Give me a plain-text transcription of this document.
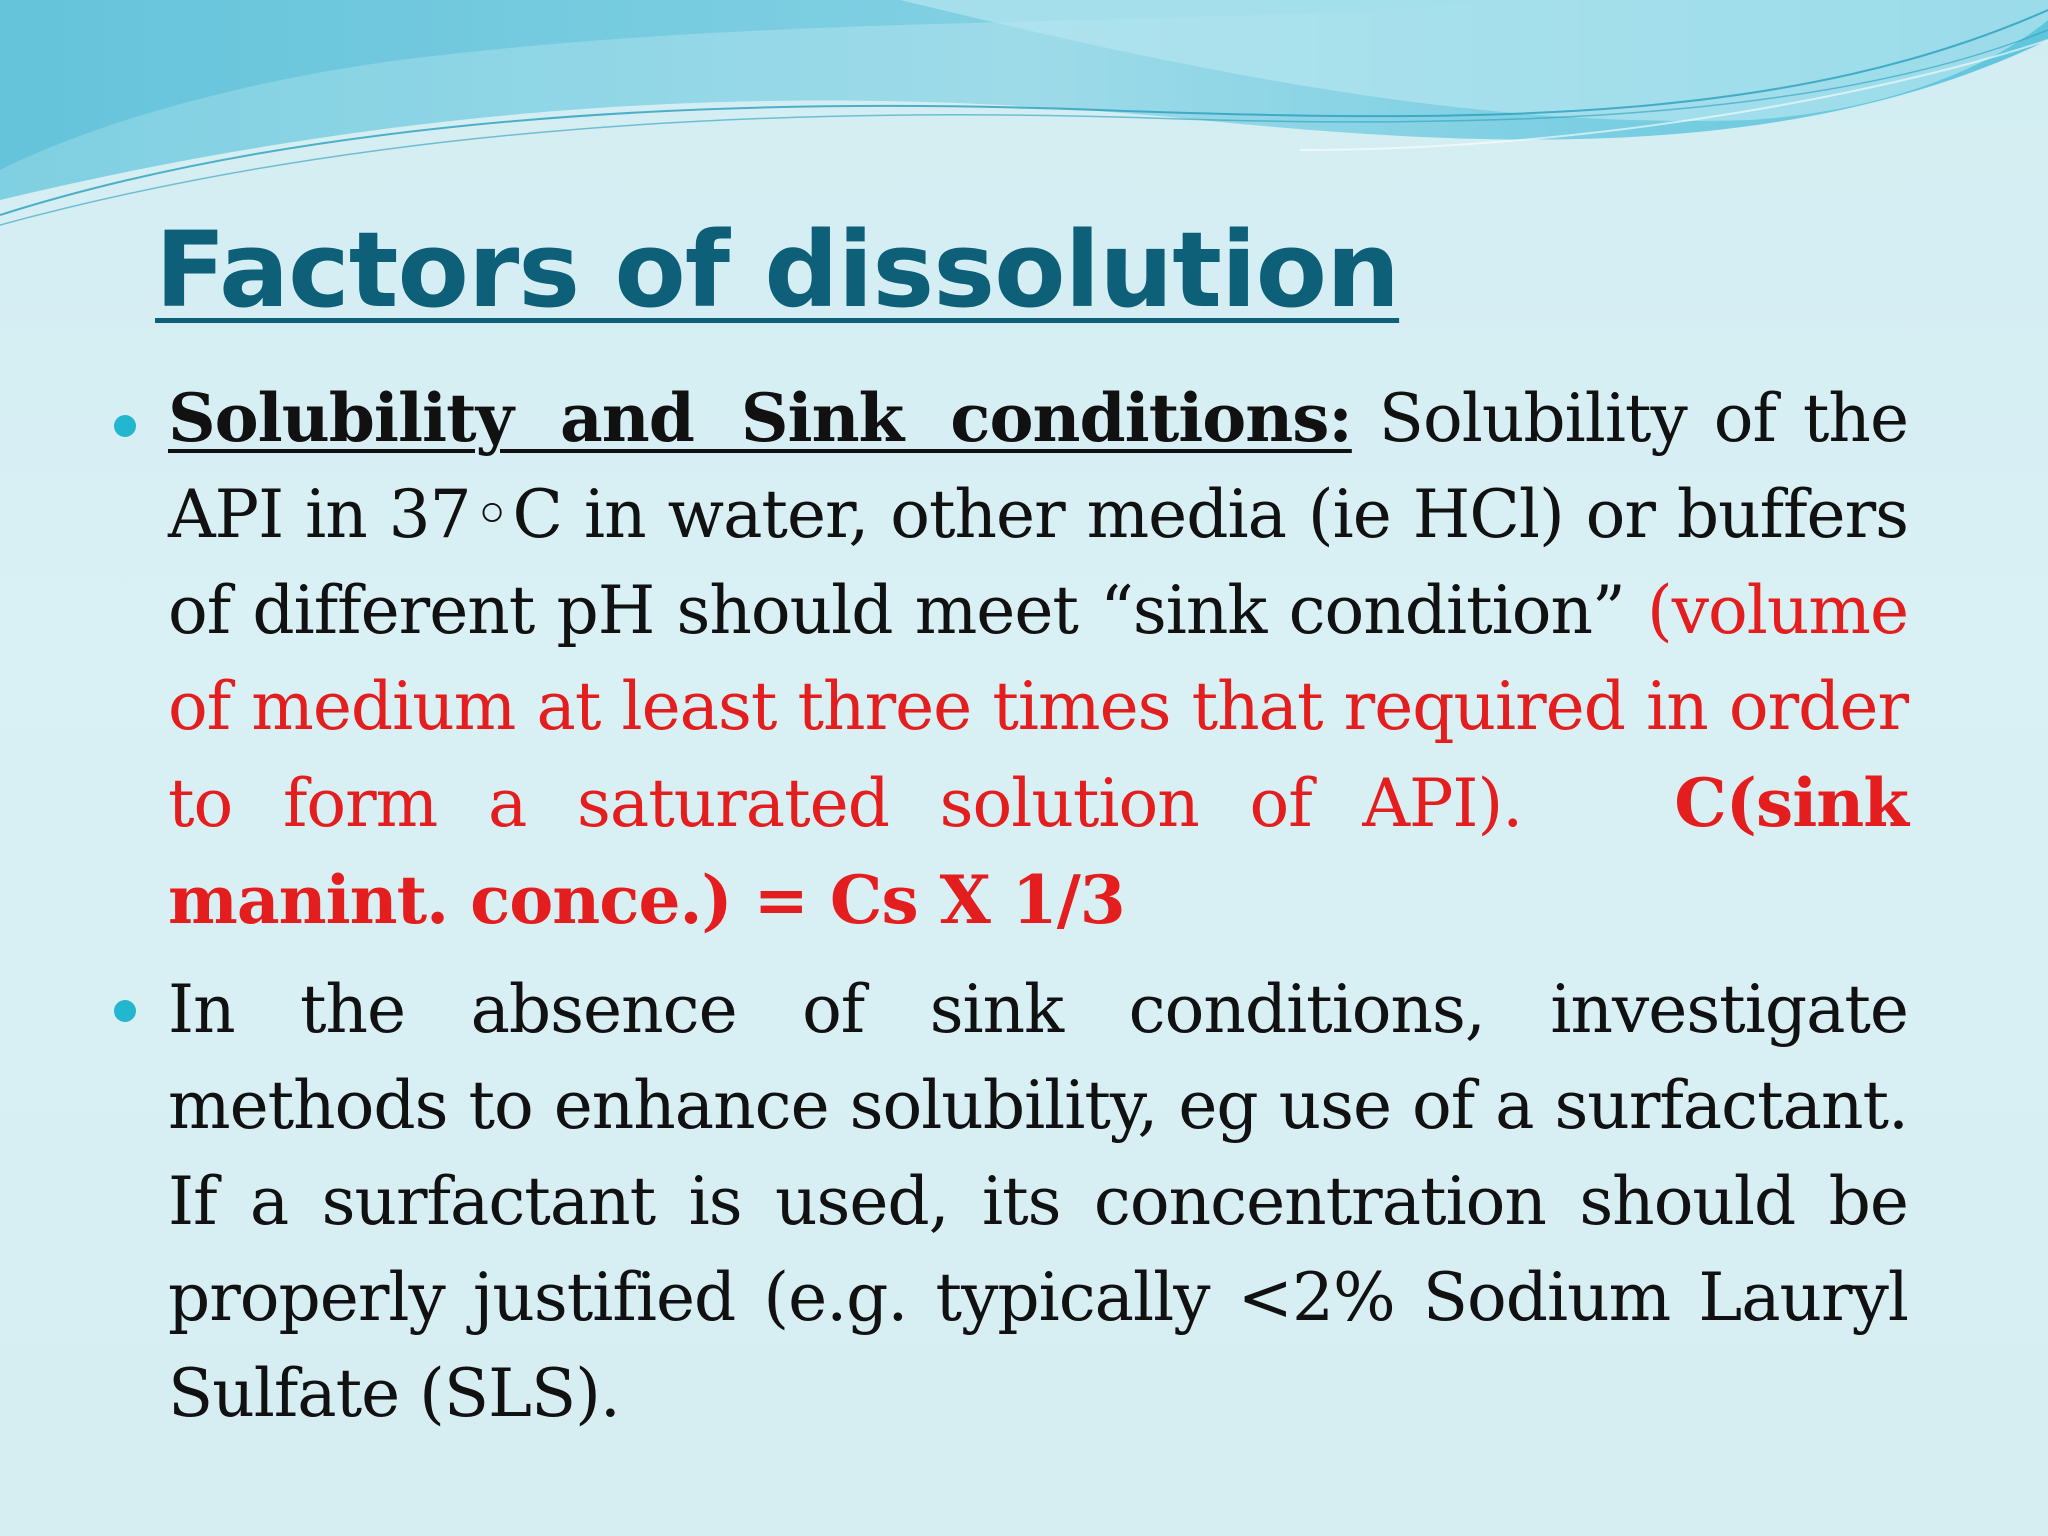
Factors of dissolution

Solubility and Sink conditions: Solubility of the API in 37◦C in water, other media (ie HCl) or buffers of different pH should meet “sink condition” (volume of medium at least three times that required in order to form a saturated solution of API). C(sink manint. conce.) = Cs X 1/3

In the absence of sink conditions, investigate methods to enhance solubility, eg use of a surfactant. If a surfactant is used, its concentration should be properly justified (e.g. typically <2% Sodium Lauryl Sulfate (SLS).
